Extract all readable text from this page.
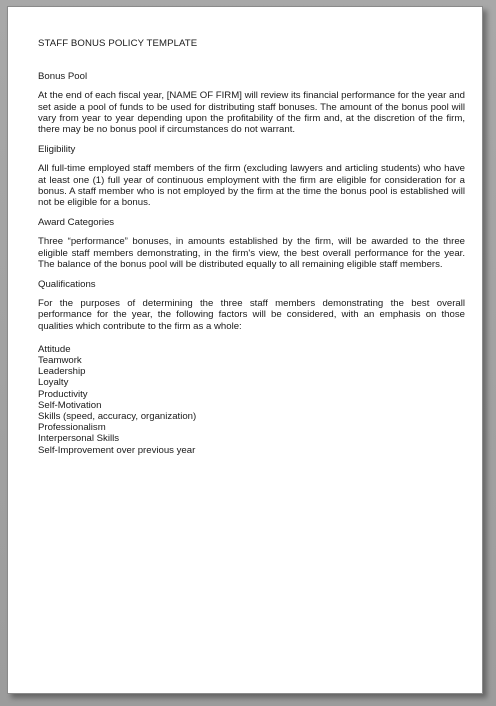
STAFF BONUS POLICY TEMPLATE
Bonus Pool
At the end of each fiscal year, [NAME OF FIRM] will review its financial performance for the year and set aside a pool of funds to be used for distributing staff bonuses. The amount of the bonus pool will vary from year to year depending upon the profitability of the firm and, at the discretion of the firm, there may be no bonus pool if circumstances do not warrant.
Eligibility
All full-time employed staff members of the firm (excluding lawyers and articling students) who have at least one (1) full year of continuous employment with the firm are eligible for consideration for a bonus. A staff member who is not employed by the firm at the time the bonus pool is established will not be eligible for a bonus.
Award Categories
Three “performance” bonuses, in amounts established by the firm, will be awarded to the three eligible staff members demonstrating, in the firm's view, the best overall performance for the year. The balance of the bonus pool will be distributed equally to all remaining eligible staff members.
Qualifications
For the purposes of determining the three staff members demonstrating the best overall performance for the year, the following factors will be considered, with an emphasis on those qualities which contribute to the firm as a whole:
Attitude
Teamwork
Leadership
Loyalty
Productivity
Self-Motivation
Skills (speed, accuracy, organization)
Professionalism
Interpersonal Skills
Self-Improvement over previous year
